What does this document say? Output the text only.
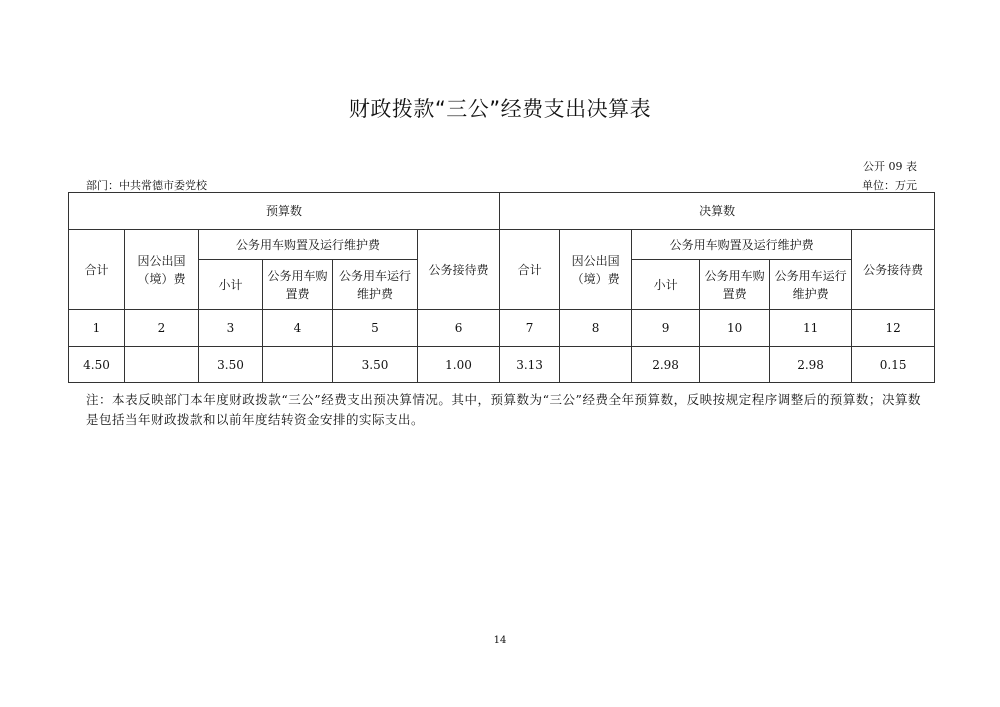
财政拨款“三公”经费支出决算表
公开 09 表
部门：中共常德市委党校	单位：万元
预算数						决算数					
合计	因公出国（境）费	公务用车购置及运行维护费			公务接待费	合计	因公出国（境）费	公务用车购置及运行维护费			公务接待费
		小计	公务用车购置费	公务用车运行维护费				小计	公务用车购置费	公务用车运行维护费	
1	2	3	4	5	6	7	8	9	10	11	12
4.50		3.50		3.50	1.00	3.13		2.98		2.98	0.15
注：本表反映部门本年度财政拨款“三公”经费支出预决算情况。其中，预算数为“三公”经费全年预算数，反映按规定程序调整后的预算数；决算数是包括当年财政拨款和以前年度结转资金安排的实际支出。
14
